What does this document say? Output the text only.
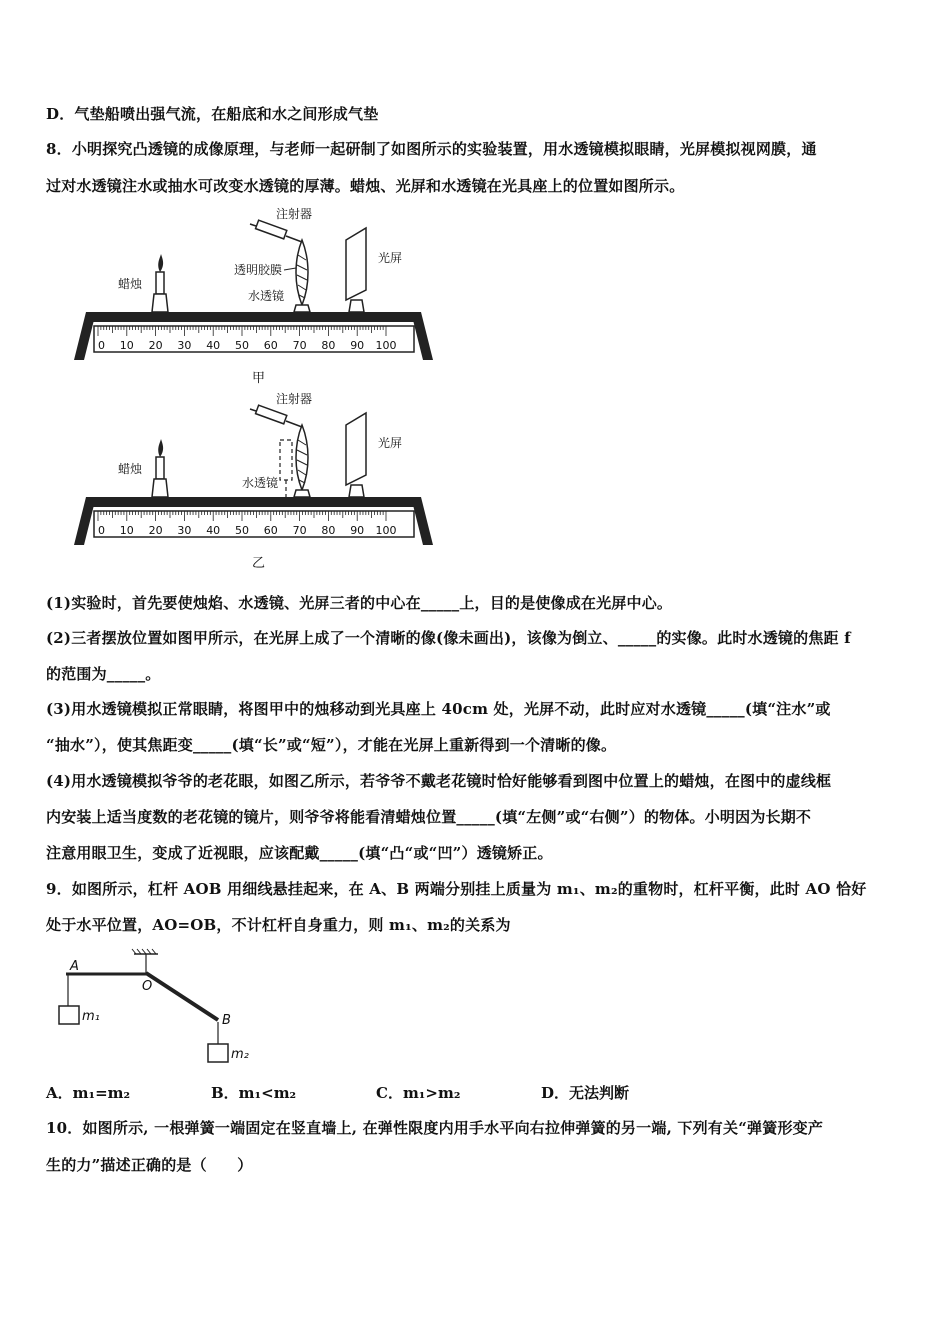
D．气垫船喷出强气流，在船底和水之间形成气垫
8．小明探究凸透镜的成像原理，与老师一起研制了如图所示的实验装置，用水透镜模拟眼睛，光屏模拟视网膜，通
过对水透镜注水或抽水可改变水透镜的厚薄。蜡烛、光屏和水透镜在光具座上的位置如图所示。
0 10 20 30 40 50 60 70 80 90 100
注射器
透明胶膜
蜡烛
水透镜
光屏
甲
0 10 20 30 40 50 60 70 80 90 100
注射器
蜡烛
水透镜
光屏
乙
(1)实验时，首先要使烛焰、水透镜、光屏三者的中心在_____上，目的是使像成在光屏中心。
(2)三者摆放位置如图甲所示，在光屏上成了一个清晰的像(像未画出)，该像为倒立、_____的实像。此时水透镜的焦距 f
的范围为_____。
(3)用水透镜模拟正常眼睛，将图甲中的烛移动到光具座上 40cm 处，光屏不动，此时应对水透镜_____(填“注水”或
“抽水”），使其焦距变_____(填“长”或“短”），才能在光屏上重新得到一个清晰的像。
(4)用水透镜模拟爷爷的老花眼，如图乙所示，若爷爷不戴老花镜时恰好能够看到图中位置上的蜡烛，在图中的虚线框
内安装上适当度数的老花镜的镜片，则爷爷将能看清蜡烛位置_____(填“左侧”或“右侧”）的物体。小明因为长期不
注意用眼卫生，变成了近视眼，应该配戴_____(填“凸“或“凹”）透镜矫正。
9．如图所示，杠杆 AOB 用细线悬挂起来，在 A、B 两端分别挂上质量为 m₁、m₂的重物时，杠杆平衡，此时 AO 恰好
处于水平位置，AO=OB，不计杠杆自身重力，则 m₁、m₂的关系为
A
O
B
m₁
m₂
A．m₁=m₂	B．m₁<m₂	C．m₁>m₂	D．无法判断
10．如图所示, 一根弹簧一端固定在竖直墙上, 在弹性限度内用手水平向右拉伸弹簧的另一端, 下列有关“弹簧形变产
生的力”描述正确的是（　　）
